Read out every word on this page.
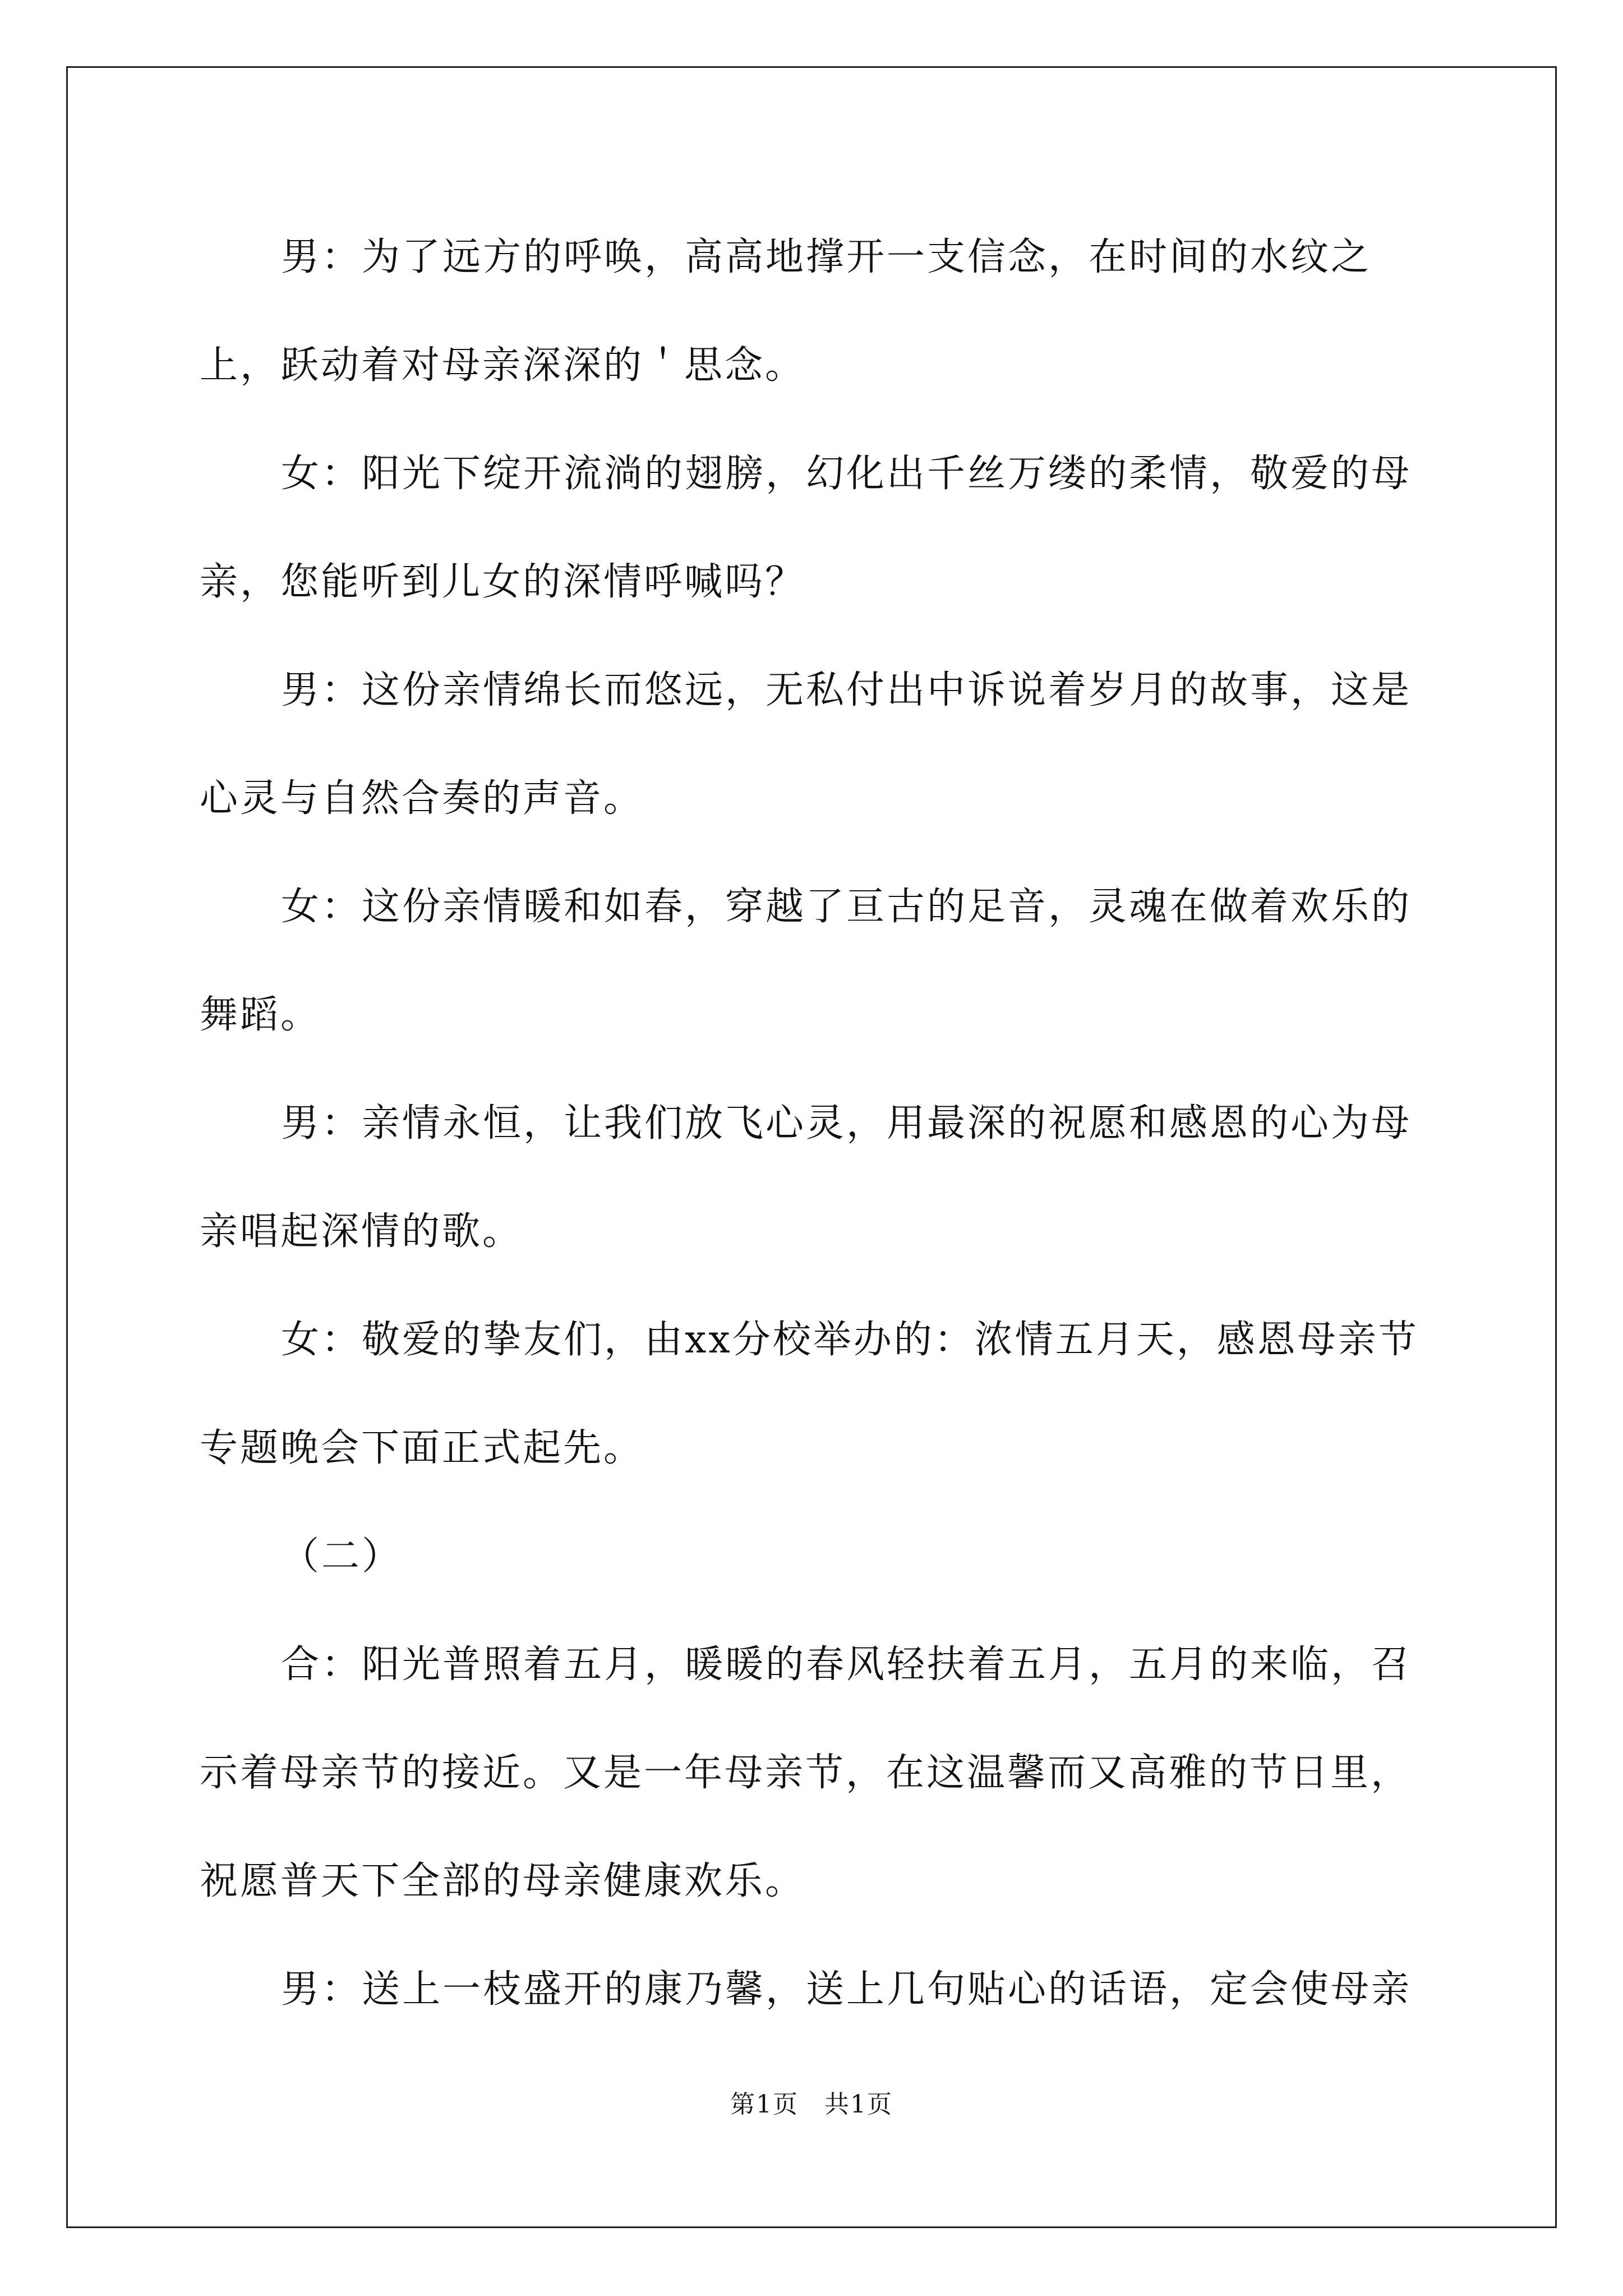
男：为了远方的呼唤，高高地撑开一支信念，在时间的水纹之上，跃动着对母亲深深的＇思念。

女：阳光下绽开流淌的翅膀，幻化出千丝万缕的柔情，敬爱的母亲，您能听到儿女的深情呼喊吗？

男：这份亲情绵长而悠远，无私付出中诉说着岁月的故事，这是心灵与自然合奏的声音。

女：这份亲情暖和如春，穿越了亘古的足音，灵魂在做着欢乐的舞蹈。

男：亲情永恒，让我们放飞心灵，用最深的祝愿和感恩的心为母亲唱起深情的歌。

女：敬爱的挚友们，由xx分校举办的：浓情五月天，感恩母亲节专题晚会下面正式起先。

（二）

合：阳光普照着五月，暖暖的春风轻扶着五月，五月的来临，召示着母亲节的接近。又是一年母亲节，在这温馨而又高雅的节日里，祝愿普天下全部的母亲健康欢乐。

男：送上一枝盛开的康乃馨，送上几句贴心的话语，定会使母亲

第1页　共1页
